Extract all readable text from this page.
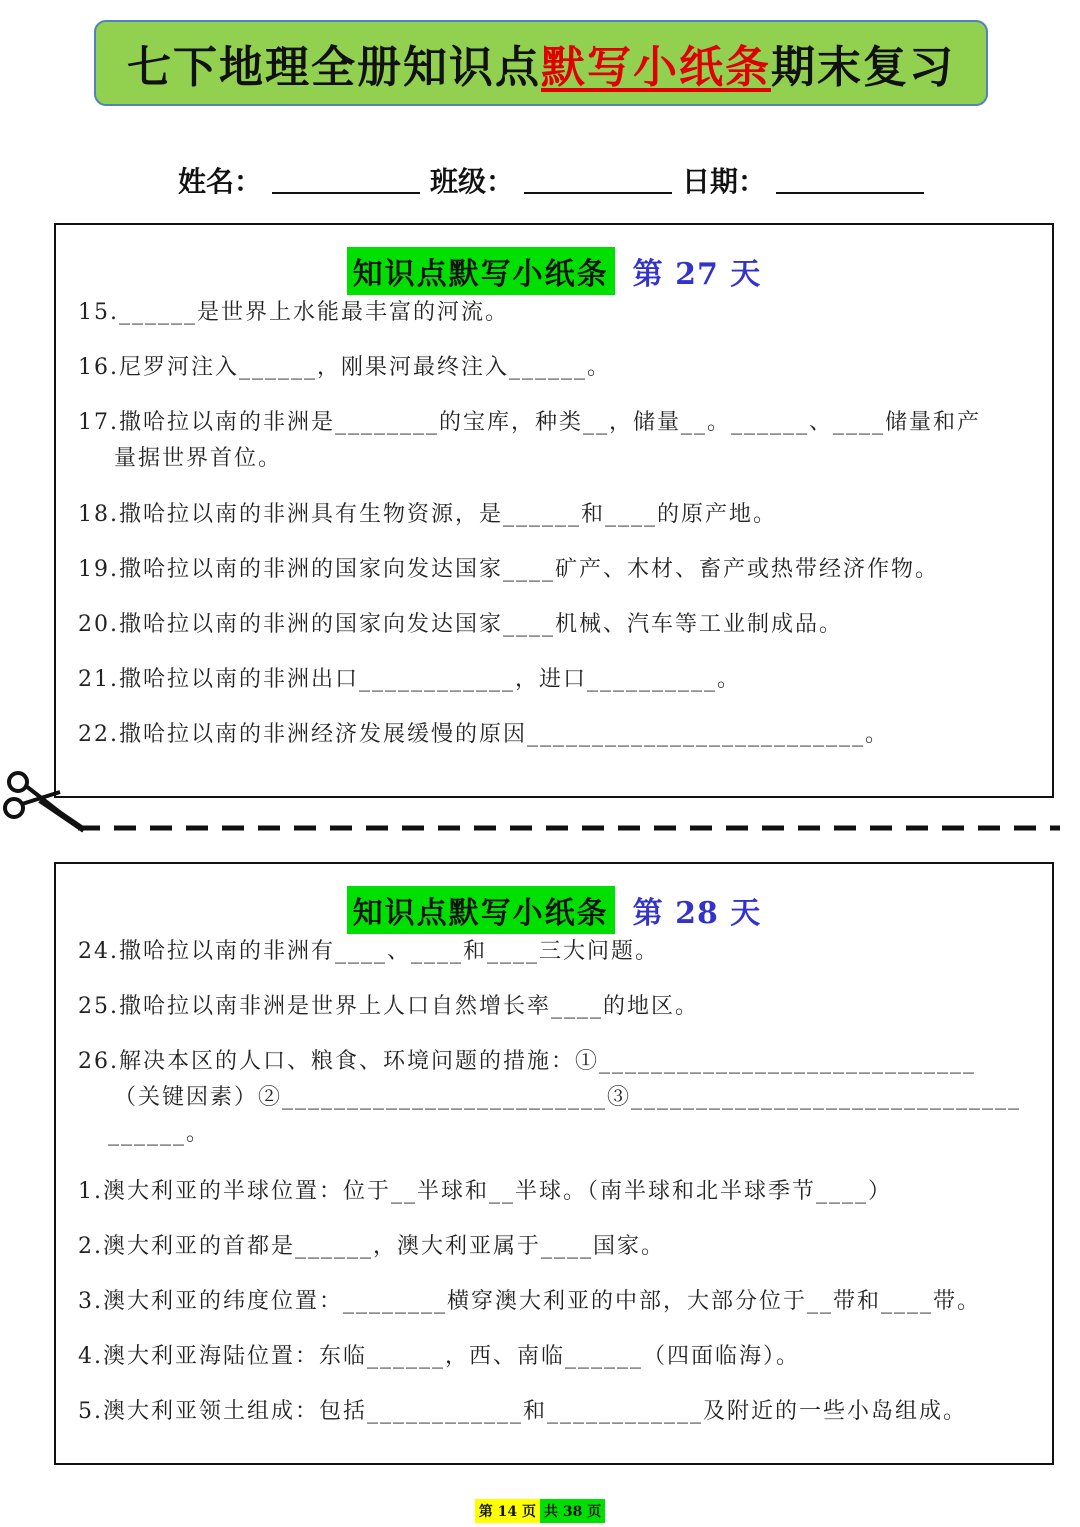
七下地理全册知识点 默写小纸条 期末复习
姓名：	班级：	日期：
知识点默写小纸条 第 27 天
15.______是世界上水能最丰富的河流。
16.尼罗河注入______，刚果河最终注入______。
17.撒哈拉以南的非洲是________的宝库，种类__，储量__。______、____储量和产
量据世界首位。
18.撒哈拉以南的非洲具有生物资源，是______和____的原产地。
19.撒哈拉以南的非洲的国家向发达国家____矿产、木材、畜产或热带经济作物。
20.撒哈拉以南的非洲的国家向发达国家____机械、汽车等工业制成品。
21.撒哈拉以南的非洲出口____________，进口__________。
22.撒哈拉以南的非洲经济发展缓慢的原因__________________________。
知识点默写小纸条 第 28 天
24.撒哈拉以南的非洲有____、____和____三大问题。
25.撒哈拉以南非洲是世界上人口自然增长率____的地区。
26.解决本区的人口、粮食、环境问题的措施：①_____________________________
（关键因素）②_________________________③______________________________
______。
1.澳大利亚的半球位置：位于__半球和__半球。（南半球和北半球季节____）
2.澳大利亚的首都是______，澳大利亚属于____国家。
3.澳大利亚的纬度位置：________横穿澳大利亚的中部，大部分位于__带和____带。
4.澳大利亚海陆位置：东临______，西、南临______（四面临海）。
5.澳大利亚领土组成：包括____________和____________及附近的一些小岛组成。
第 14 页 共 38 页
